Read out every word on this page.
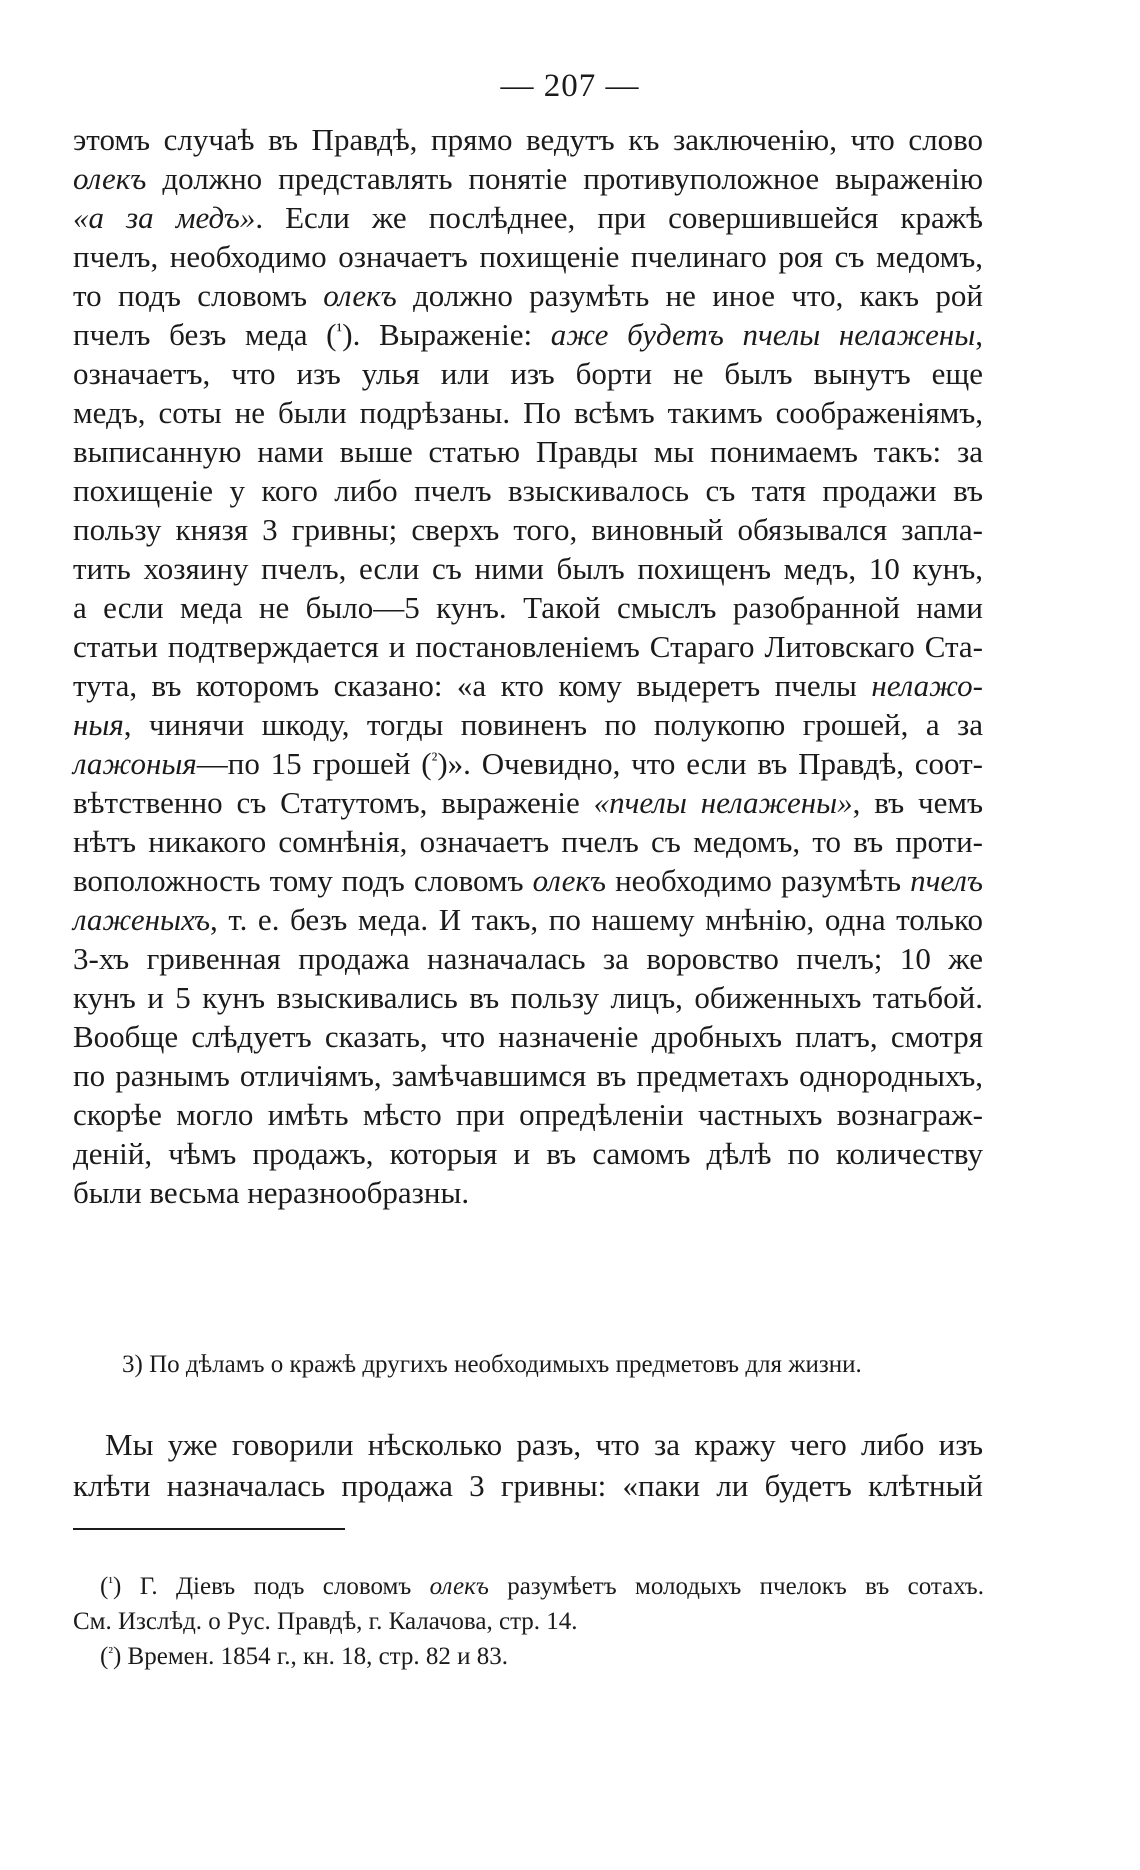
— 207 —
этомъ случаѣ въ Правдѣ, прямо ведутъ къ заключенію, что слово
олекъ должно представлять понятіе противуположное выраженію
«а за медъ». Если же послѣднее, при совершившейся кражѣ
пчелъ, необходимо означаетъ похищеніе пчелинаго роя съ медомъ,
то подъ словомъ олекъ должно разумѣть не иное что, какъ рой
пчелъ безъ меда ($^{^1}$). Выраженіе: аже будетъ пчелы нелажены,
означаетъ, что изъ улья или изъ борти не былъ вынутъ еще
медъ, соты не были подрѣзаны. По всѣмъ такимъ соображеніямъ,
выписанную нами выше статью Правды мы понимаемъ такъ: за
похищеніе у кого либо пчелъ взыскивалось съ татя продажи въ
пользу князя 3 гривны; сверхъ того, виновный обязывался запла-
тить хозяину пчелъ, если съ ними былъ похищенъ медъ, 10 кунъ,
а если меда не было—5 кунъ. Такой смыслъ разобранной нами
статьи подтверждается и постановленіемъ Стараго Литовскаго Ста-
тута, въ которомъ сказано: «а кто кому выдеретъ пчелы нелажо-
ныя, чинячи шкоду, тогды повиненъ по полукопю грошей, а за
лажоныя—по 15 грошей ($^{^2}$)». Очевидно, что если въ Правдѣ, соот-
вѣтственно съ Статутомъ, выраженіе «пчелы нелажены», въ чемъ
нѣтъ никакого сомнѣнія, означаетъ пчелъ съ медомъ, то въ проти-
воположность тому подъ словомъ олекъ необходимо разумѣть пчелъ
лаженыхъ, т. е. безъ меда. И такъ, по нашему мнѣнію, одна только
3-хъ гривенная продажа назначалась за воровство пчелъ; 10 же
кунъ и 5 кунъ взыскивались въ пользу лицъ, обиженныхъ татьбой.
Вообще слѣдуетъ сказать, что назначеніе дробныхъ платъ, смотря
по разнымъ отличіямъ, замѣчавшимся въ предметахъ однородныхъ,
скорѣе могло имѣть мѣсто при опредѣленіи частныхъ вознаграж-
деній, чѣмъ продажъ, которыя и въ самомъ дѣлѣ по количеству
были весьма неразнообразны.
3) По дѣламъ о кражѣ другихъ необходимыхъ предметовъ для жизни.
Мы уже говорили нѣсколько разъ, что за кражу чего либо изъ
клѣти назначалась продажа 3 гривны: «паки ли будетъ клѣтный
($^{^1}$) Г. Діевъ подъ словомъ олекъ разумѣетъ молодыхъ пчелокъ въ сотахъ.
См. Изслѣд. о Рус. Правдѣ, г. Калачова, стр. 14.
($^{^2}$) Времен. 1854 г., кн. 18, стр. 82 и 83.
